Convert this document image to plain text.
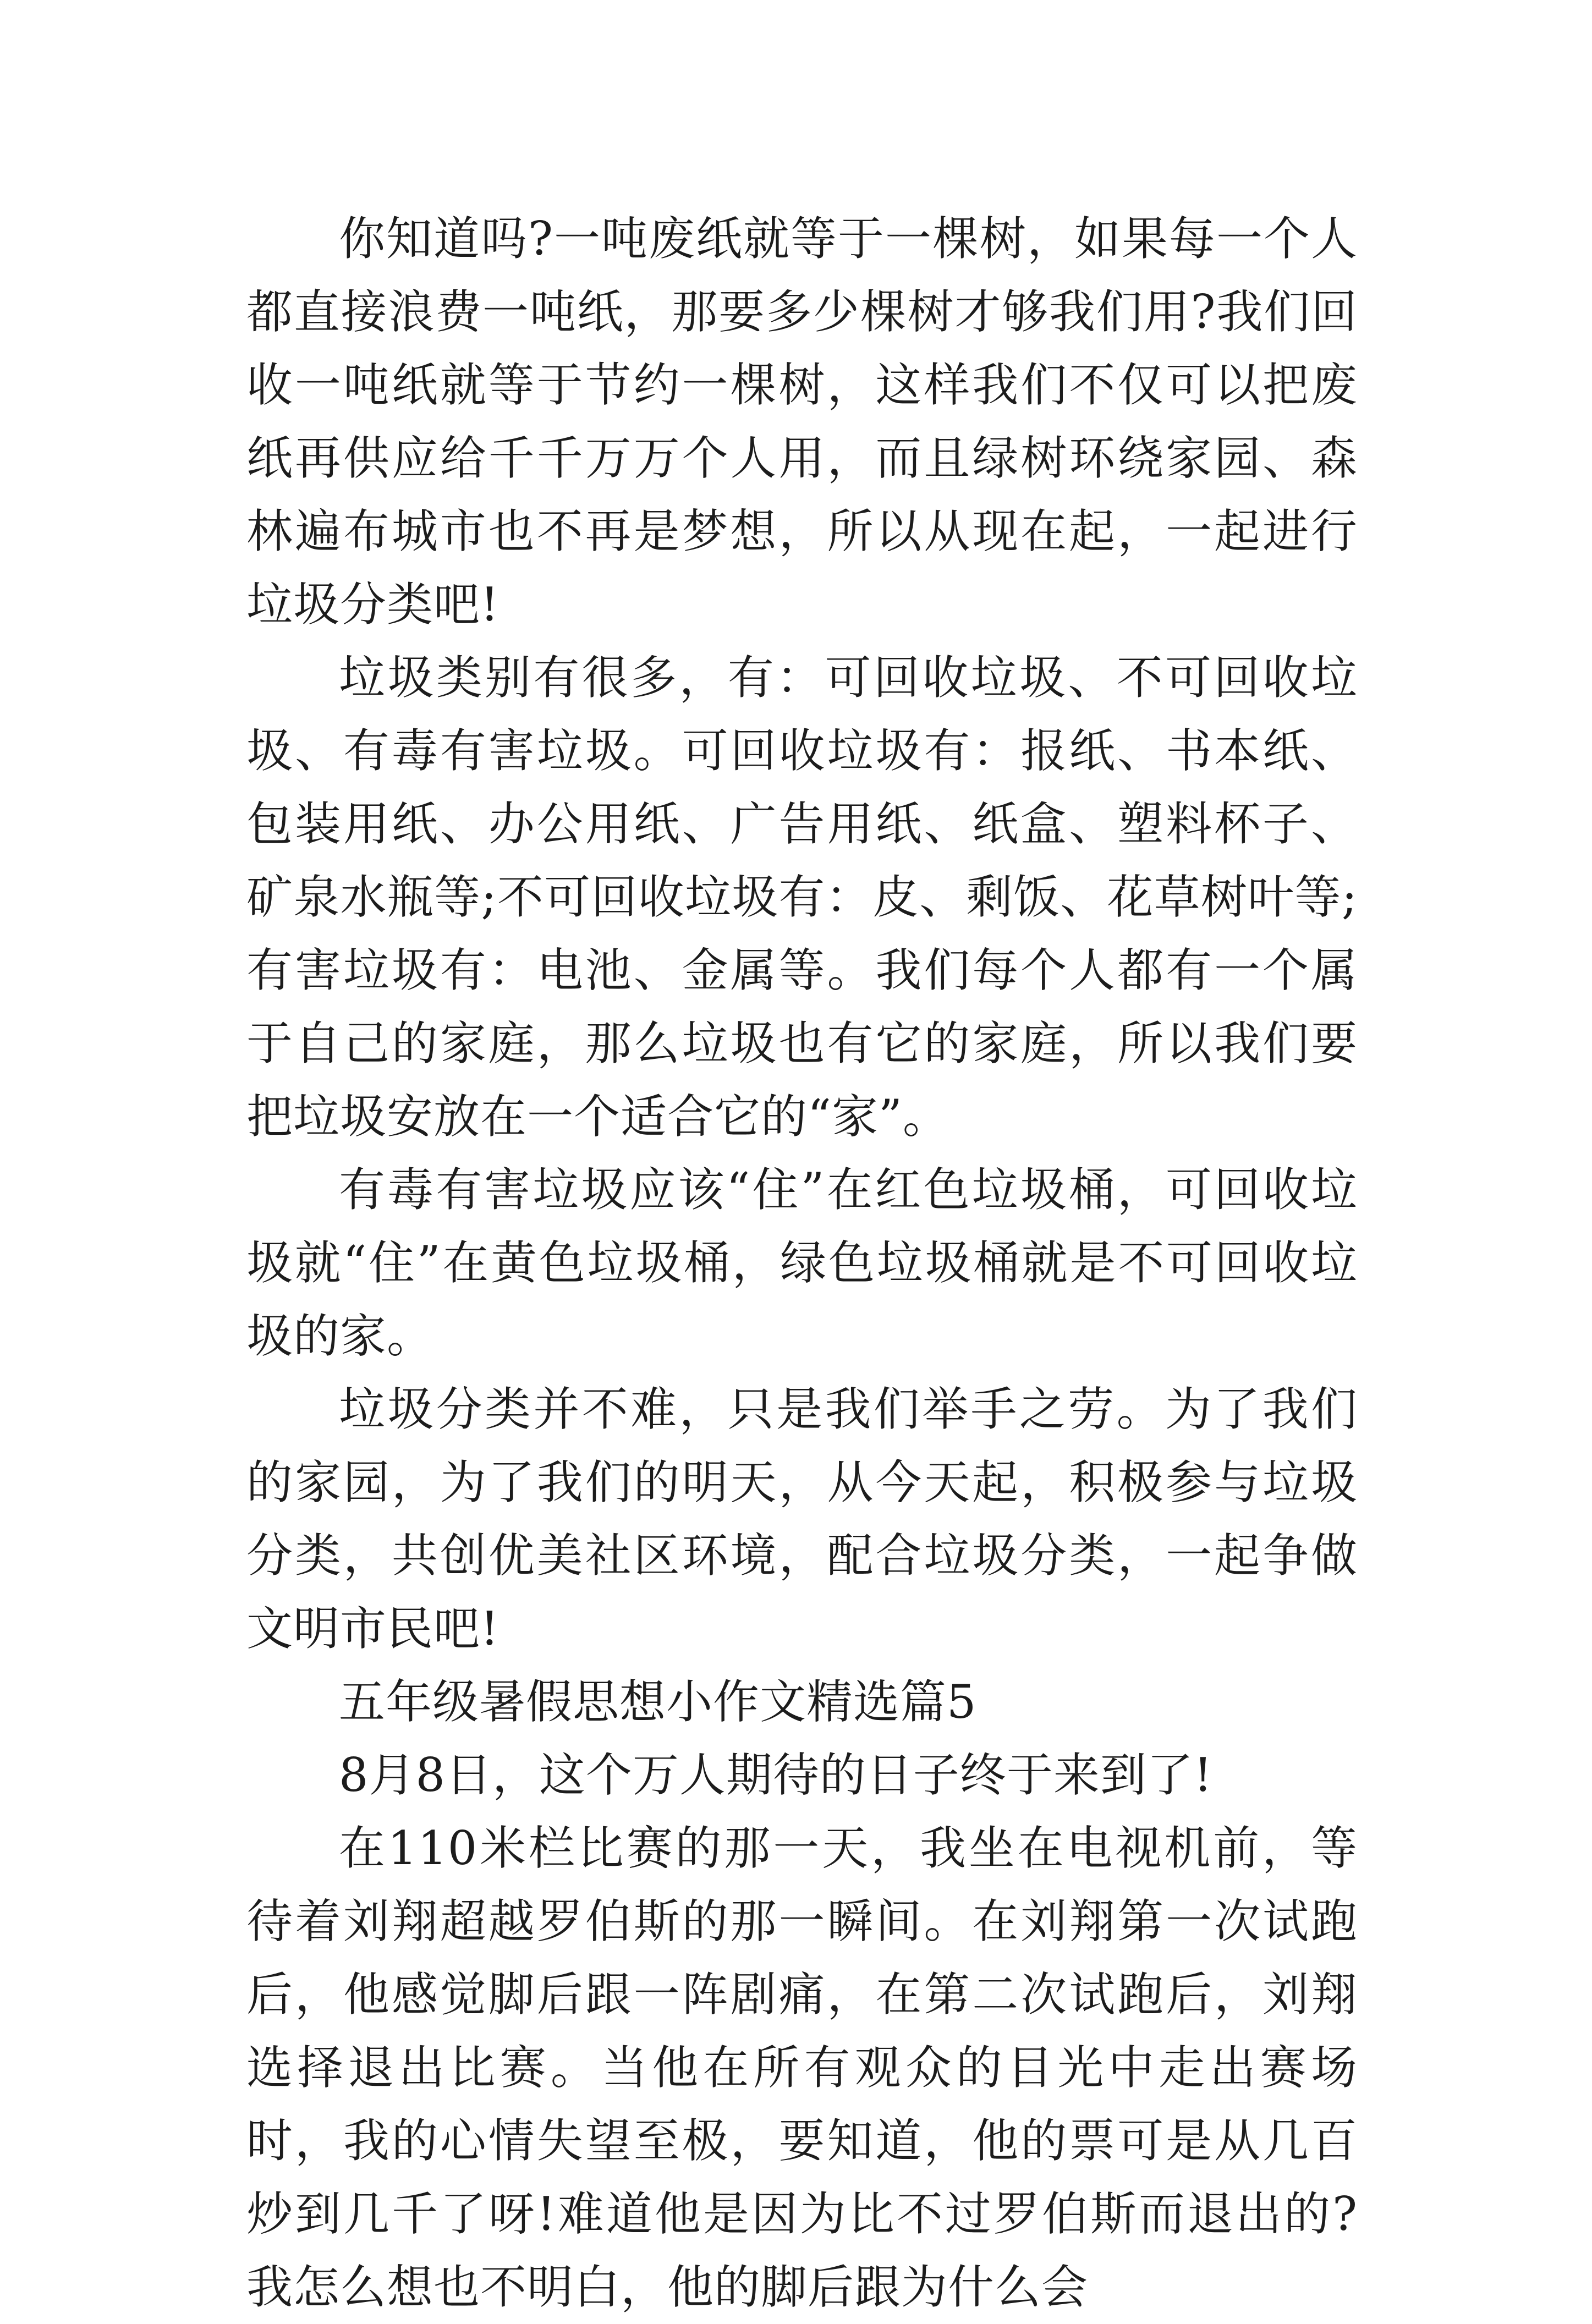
你知道吗?一吨废纸就等于一棵树，如果每一个人都直接浪费一吨纸，那要多少棵树才够我们用?我们回收一吨纸就等于节约一棵树，这样我们不仅可以把废纸再供应给千千万万个人用，而且绿树环绕家园、森林遍布城市也不再是梦想，所以从现在起，一起进行垃圾分类吧!

垃圾类别有很多，有：可回收垃圾、不可回收垃圾、有毒有害垃圾。可回收垃圾有：报纸、书本纸、包装用纸、办公用纸、广告用纸、纸盒、塑料杯子、矿泉水瓶等;不可回收垃圾有：皮、剩饭、花草树叶等;有害垃圾有：电池、金属等。我们每个人都有一个属于自己的家庭，那么垃圾也有它的家庭，所以我们要把垃圾安放在一个适合它的“家”。

有毒有害垃圾应该“住”在红色垃圾桶，可回收垃圾就“住”在黄色垃圾桶，绿色垃圾桶就是不可回收垃圾的家。

垃圾分类并不难，只是我们举手之劳。为了我们的家园，为了我们的明天，从今天起，积极参与垃圾分类，共创优美社区环境，配合垃圾分类，一起争做文明市民吧!

五年级暑假思想小作文精选篇5

8月8日，这个万人期待的日子终于来到了!

在110米栏比赛的那一天，我坐在电视机前，等待着刘翔超越罗伯斯的那一瞬间。在刘翔第一次试跑后，他感觉脚后跟一阵剧痛，在第二次试跑后，刘翔选择退出比赛。当他在所有观众的目光中走出赛场时，我的心情失望至极，要知道，他的票可是从几百炒到几千了呀!难道他是因为比不过罗伯斯而退出的?我怎么想也不明白，他的脚后跟为什么会
